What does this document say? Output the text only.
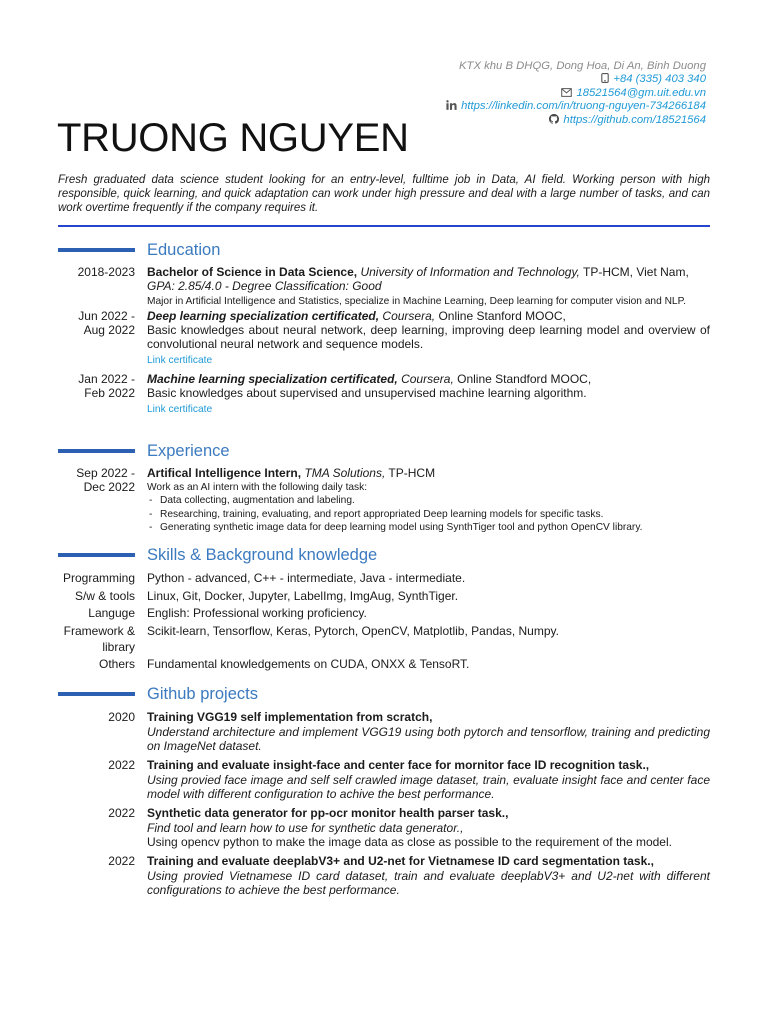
TRUONG NGUYEN
KTX khu B DHQG, Dong Hoa, Di An, Binh Duong
+84 (335) 403 340
18521564@gm.uit.edu.vn
https://linkedin.com/in/truong-nguyen-734266184
https://github.com/18521564

Fresh graduated data science student looking for an entry-level, fulltime job in Data, AI field. Working person with high responsible, quick learning, and quick adaptation can work under high pressure and deal with a large number of tasks, and can work overtime frequently if the company requires it.

Education
2018-2023 Bachelor of Science in Data Science, University of Information and Technology, TP-HCM, Viet Nam,
GPA: 2.85/4.0 - Degree Classification: Good
Major in Artificial Intelligence and Statistics, specialize in Machine Learning, Deep learning for computer vision and NLP.
Jun 2022 -
Aug 2022
Deep learning specialization certificated, Coursera, Online Stanford MOOC,
Basic knowledges about neural network, deep learning, improving deep learning model and overview of convolutional neural network and sequence models.
Link certificate
Jan 2022 -
Feb 2022
Machine learning specialization certificated, Coursera, Online Standford MOOC,
Basic knowledges about supervised and unsupervised machine learning algorithm.
Link certificate
Experience
Sep 2022 -
Dec 2022
Artifical Intelligence Intern, TMA Solutions, TP-HCM
Work as an AI intern with the following daily task:
- Data collecting, augmentation and labeling.
- Researching, training, evaluating, and report appropriated Deep learning models for specific tasks.
- Generating synthetic image data for deep learning model using SynthTiger tool and python OpenCV library.
Skills & Background knowledge
Programming Python - advanced, C++ - intermediate, Java - intermediate.
S/w & tools Linux, Git, Docker, Jupyter, LabelImg, ImgAug, SynthTiger.
Languge English: Professional working proficiency.
Framework & library
Scikit-learn, Tensorflow, Keras, Pytorch, OpenCV, Matplotlib, Pandas, Numpy.
Others Fundamental knowledgements on CUDA, ONXX & TensoRT.
Github projects
2020 Training VGG19 self implementation from scratch,
Understand architecture and implement VGG19 using both pytorch and tensorflow, training and predicting on ImageNet dataset.
2022 Training and evaluate insight-face and center face for mornitor face ID recognition task.,
Using provied face image and self self crawled image dataset, train, evaluate insight face and center face model with different configuration to achive the best performance.
2022 Synthetic data generator for pp-ocr monitor health parser task.,
Find tool and learn how to use for synthetic data generator.,
Using opencv python to make the image data as close as possible to the requirement of the model.
2022 Training and evaluate deeplabV3+ and U2-net for Vietnamese ID card segmentation task.,
Using provied Vietnamese ID card dataset, train and evaluate deeplabV3+ and U2-net with different configurations to achieve the best performance.
